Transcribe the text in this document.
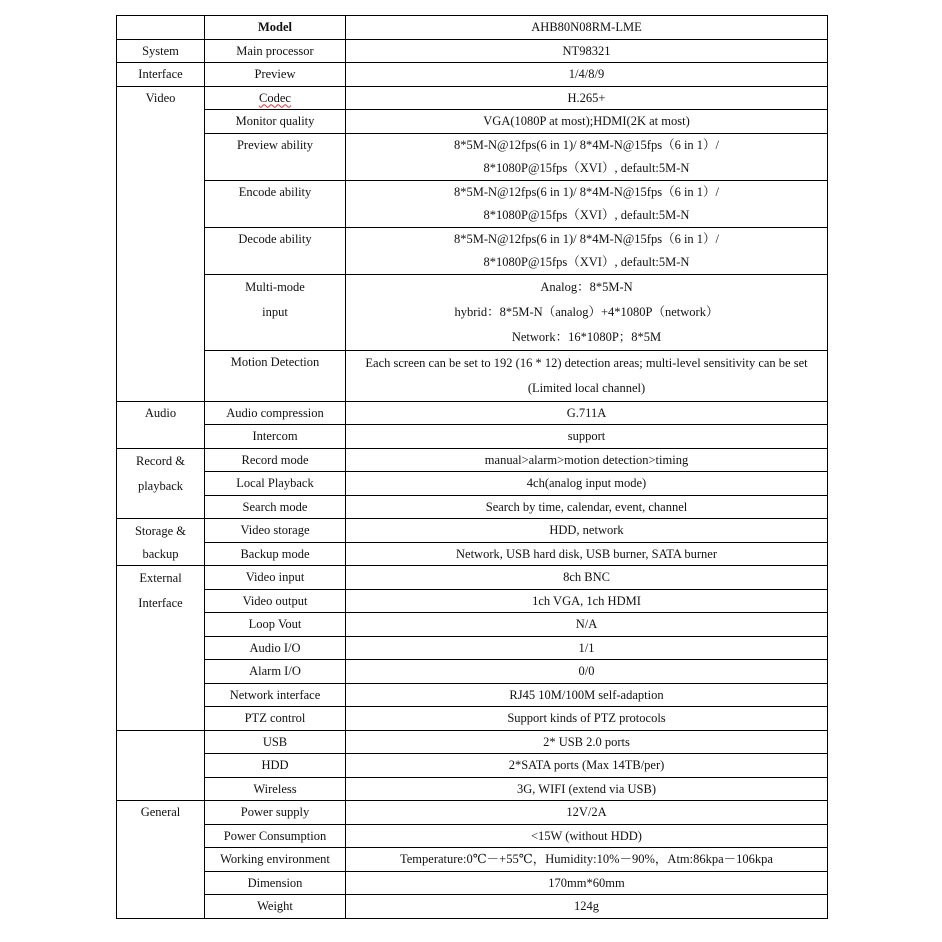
	Model	AHB80N08RM-LME
System	Main processor	NT98321
Interface	Preview	1/4/8/9
Video	Codec	H.265+
	Monitor quality	VGA(1080P at most);HDMI(2K at most)
	Preview ability	8*5M-N@12fps(6 in 1)/ 8*4M-N@15fps（6 in 1）/
8*1080P@15fps（XVI）, default:5M-N

	Encode ability	8*5M-N@12fps(6 in 1)/ 8*4M-N@15fps（6 in 1）/
8*1080P@15fps（XVI）, default:5M-N

	Decode ability	8*5M-N@12fps(6 in 1)/ 8*4M-N@15fps（6 in 1）/
8*1080P@15fps（XVI）, default:5M-N

	Multi-mode
input	Analog：8*5M-N
hybrid：8*5M-N（analog）+4*1080P（network）
Network：16*1080P；8*5M

	Motion Detection	Each screen can be set to 192 (16 * 12) detection areas; multi-level sensitivity can be set
(Limited local channel)

Audio	Audio compression	G.711A
	Intercom	support

Record &
playback	Record mode	manual>alarm>motion detection>timing
	Local Playback	4ch(analog input mode)
	Search mode	Search by time, calendar, event, channel

Storage &
backup	Video storage	HDD, network
	Backup mode	Network, USB hard disk, USB burner, SATA burner

External
Interface	Video input	8ch BNC
	Video output	1ch VGA, 1ch HDMI
	Loop Vout	N/A
	Audio I/O	1/1
	Alarm I/O	0/0
	Network interface	RJ45 10M/100M self-adaption
	PTZ control	Support kinds of PTZ protocols
	USB	2* USB 2.0 ports
	HDD	2*SATA ports (Max 14TB/per)
	Wireless	3G, WIFI (extend via USB)
General	Power supply	12V/2A
	Power Consumption	<15W (without HDD)
	Working environment	Temperature:0℃－+55℃，Humidity:10%－90%，Atm:86kpa－106kpa
	Dimension	170mm*60mm
	Weight	124g
